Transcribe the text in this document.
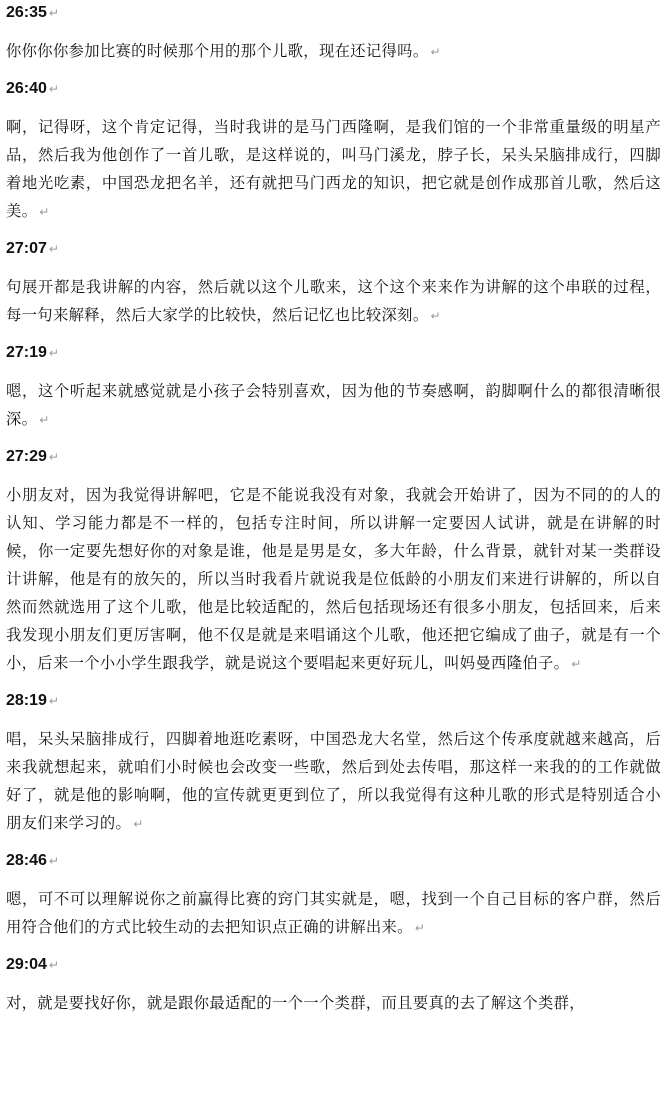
26:35 ↵

你你你你参加比赛的时候那个用的那个儿歌，现在还记得吗。 ↵

26:40 ↵

啊，记得呀，这个肯定记得，当时我讲的是马门西隆啊，是我们馆的一个非常重量级的明星产品，然后我为他创作了一首儿歌，是这样说的，叫马门溪龙，脖子长，呆头呆脑排成行，四脚着地光吃素，中国恐龙把名羊，还有就把马门西龙的知识，把它就是创作成那首儿歌，然后这美。 ↵

27:07 ↵

句展开都是我讲解的内容，然后就以这个儿歌来，这个这个来来作为讲解的这个串联的过程，每一句来解释，然后大家学的比较快，然后记忆也比较深刻。 ↵

27:19 ↵

嗯，这个听起来就感觉就是小孩子会特别喜欢，因为他的节奏感啊，韵脚啊什么的都很清晰很深。 ↵

27:29 ↵

小朋友对，因为我觉得讲解吧，它是不能说我没有对象，我就会开始讲了，因为不同的的人的认知、学习能力都是不一样的，包括专注时间，所以讲解一定要因人试讲，就是在讲解的时候，你一定要先想好你的对象是谁，他是是男是女，多大年龄，什么背景，就针对某一类群设计讲解，他是有的放矢的，所以当时我看片就说我是位低龄的小朋友们来进行讲解的，所以自然而然就选用了这个儿歌，他是比较适配的，然后包括现场还有很多小朋友，包括回来，后来我发现小朋友们更厉害啊，他不仅是就是来唱诵这个儿歌，他还把它编成了曲子，就是有一个小，后来一个小小学生跟我学，就是说这个要唱起来更好玩儿，叫妈曼西隆伯子。 ↵

28:19 ↵

唱，呆头呆脑排成行，四脚着地逛吃素呀，中国恐龙大名堂，然后这个传承度就越来越高，后来我就想起来，就咱们小时候也会改变一些歌，然后到处去传唱，那这样一来我的的工作就做好了，就是他的影响啊，他的宣传就更更到位了，所以我觉得有这种儿歌的形式是特别适合小朋友们来学习的。 ↵

28:46 ↵

嗯，可不可以理解说你之前赢得比赛的窍门其实就是，嗯，找到一个自己目标的客户群，然后用符合他们的方式比较生动的去把知识点正确的讲解出来。 ↵

29:04 ↵

对，就是要找好你，就是跟你最适配的一个一个类群，而且要真的去了解这个类群，
